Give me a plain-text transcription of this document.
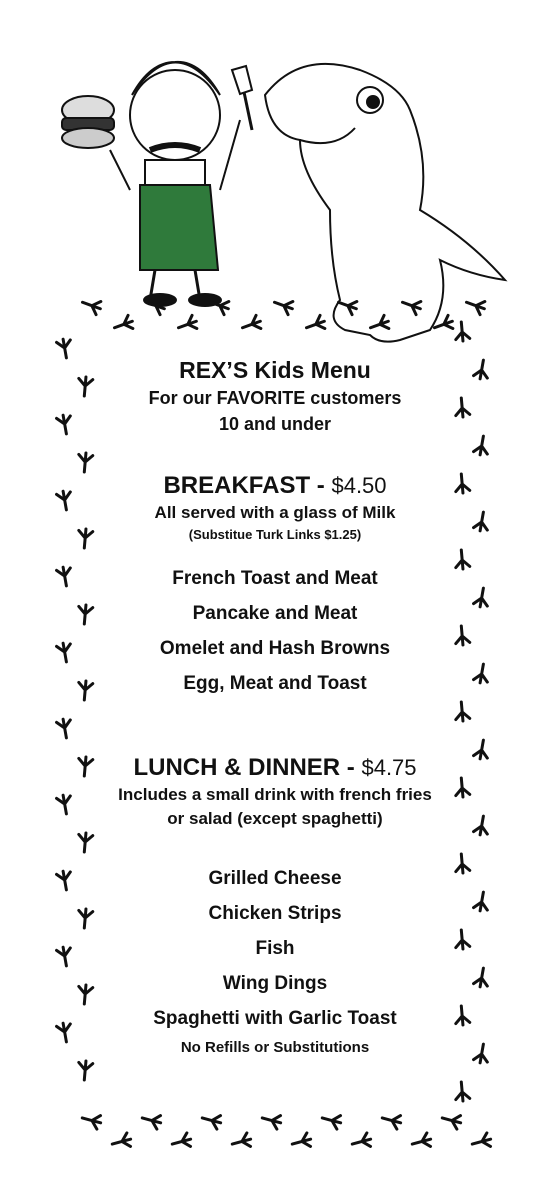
REX’S Kids Menu
For our FAVORITE customers
10 and under
BREAKFAST - $4.50
All served with a glass of Milk
(Substitue Turk Links $1.25)
French Toast and Meat
Pancake and Meat
Omelet and Hash Browns
Egg, Meat and Toast
LUNCH & DINNER - $4.75
Includes a small drink with french fries
or salad (except spaghetti)
Grilled Cheese
Chicken Strips
Fish
Wing Dings
Spaghetti with Garlic Toast
No Refills or Substitutions
